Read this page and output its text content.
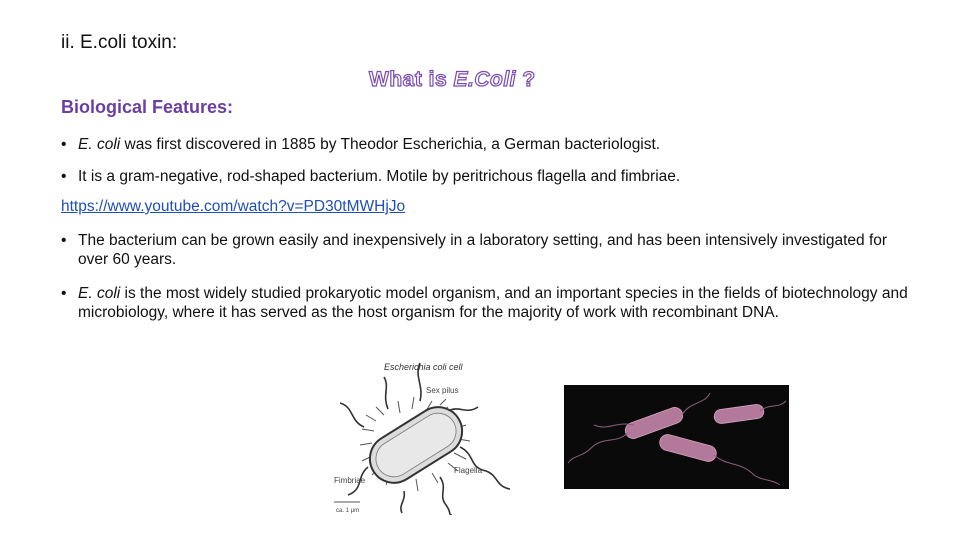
ii. E.coli toxin:
What is E.Coli ?
Biological Features:
• E. coli was first discovered in 1885 by Theodor Escherichia, a German bacteriologist.
• It is a gram-negative, rod-shaped bacterium. Motile by peritrichous flagella and fimbriae.
https://www.youtube.com/watch?v=PD30tMWHjJo
• The bacterium can be grown easily and inexpensively in a laboratory setting, and has been intensively investigated for over 60 years.
• E. coli is the most widely studied prokaryotic model organism, and an important species in the fields of biotechnology and microbiology, where it has served as the host organism for the majority of work with recombinant DNA.
Escherichia coli cell
Sex pilus
Flagella
Fimbriae
ca. 1 μm
